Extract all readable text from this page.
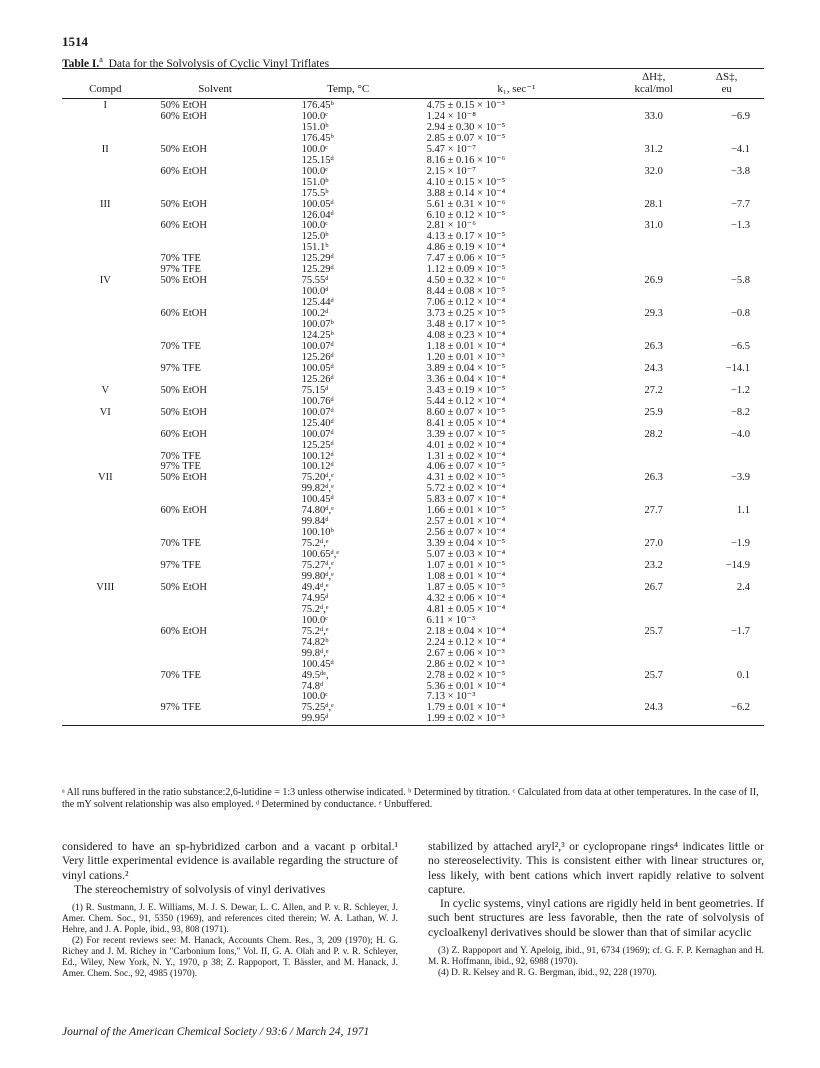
1514
Table I.$^a$ Data for the Solvolysis of Cyclic Vinyl Triflates
				ΔH‡,	ΔS‡,
Compd	Solvent	Temp, °C	k₁, sec⁻¹	kcal/mol	eu
I	50% EtOH	176.45ᵇ	4.75 ± 0.15 × 10⁻³		
	60% EtOH	100.0ᶜ	1.24 × 10⁻⁸	33.0	−6.9
		151.0ᵇ	2.94 ± 0.30 × 10⁻⁵		
		176.45ᵇ	2.85 ± 0.07 × 10⁻⁵		
II	50% EtOH	100.0ᶜ	5.47 × 10⁻⁷	31.2	−4.1
		125.15ᵈ	8.16 ± 0.16 × 10⁻⁶		
	60% EtOH	100.0ᶜ	2.15 × 10⁻⁷	32.0	−3.8
		151.0ᵇ	4.10 ± 0.15 × 10⁻⁵		
		175.5ᵇ	3.88 ± 0.14 × 10⁻⁴		
III	50% EtOH	100.05ᵈ	5.61 ± 0.31 × 10⁻⁶	28.1	−7.7
		126.04ᵈ	6.10 ± 0.12 × 10⁻⁵		
	60% EtOH	100.0ᶜ	2.81 × 10⁻⁶	31.0	−1.3
		125.0ᵇ	4.13 ± 0.17 × 10⁻⁵		
		151.1ᵇ	4.86 ± 0.19 × 10⁻⁴		
	70% TFE	125.29ᵈ	7.47 ± 0.06 × 10⁻⁵		
	97% TFE	125.29ᵈ	1.12 ± 0.09 × 10⁻⁵		
IV	50% EtOH	75.55ᵈ	4.50 ± 0.32 × 10⁻⁶	26.9	−5.8
		100.0ᵈ	8.44 ± 0.08 × 10⁻⁵		
		125.44ᵈ	7.06 ± 0.12 × 10⁻⁴		
	60% EtOH	100.2ᵈ	3.73 ± 0.25 × 10⁻⁵	29.3	−0.8
		100.07ᵇ	3.48 ± 0.17 × 10⁻⁵		
		124.25ᵇ	4.08 ± 0.23 × 10⁻⁴		
	70% TFE	100.07ᵈ	1.18 ± 0.01 × 10⁻⁴	26.3	−6.5
		125.26ᵈ	1.20 ± 0.01 × 10⁻³		
	97% TFE	100.05ᵈ	3.89 ± 0.04 × 10⁻⁵	24.3	−14.1
		125.26ᵈ	3.36 ± 0.04 × 10⁻⁴		
V	50% EtOH	75.15ᵈ	3.43 ± 0.19 × 10⁻⁵	27.2	−1.2
		100.76ᵈ	5.44 ± 0.12 × 10⁻⁴		
VI	50% EtOH	100.07ᵈ	8.60 ± 0.07 × 10⁻⁵	25.9	−8.2
		125.40ᵈ	8.41 ± 0.05 × 10⁻⁴		
	60% EtOH	100.07ᵈ	3.39 ± 0.07 × 10⁻⁵	28.2	−4.0
		125.25ᵈ	4.01 ± 0.02 × 10⁻⁴		
	70% TFE	100.12ᵈ	1.31 ± 0.02 × 10⁻⁴		
	97% TFE	100.12ᵈ	4.06 ± 0.07 × 10⁻⁵		
VII	50% EtOH	75.20ᵈ,ᵉ	4.31 ± 0.02 × 10⁻⁵	26.3	−3.9
		99.82ᵈ,ᵉ	5.72 ± 0.02 × 10⁻⁴		
		100.45ᵈ	5.83 ± 0.07 × 10⁻⁴		
	60% EtOH	74.80ᵈ,ᵉ	1.66 ± 0.01 × 10⁻⁵	27.7	1.1
		99.84ᵈ	2.57 ± 0.01 × 10⁻⁴		
		100.10ᵇ	2.56 ± 0.07 × 10⁻⁴		
	70% TFE	75.2ᵈ,ᵉ	3.39 ± 0.04 × 10⁻⁵	27.0	−1.9
		100.65ᵈ,ᵉ	5.07 ± 0.03 × 10⁻⁴		
	97% TFE	75.27ᵈ,ᵉ	1.07 ± 0.01 × 10⁻⁵	23.2	−14.9
		99.80ᵈ,ᵉ	1.08 ± 0.01 × 10⁻⁴		
VIII	50% EtOH	49.4ᵈ,ᵉ	1.87 ± 0.05 × 10⁻⁵	26.7	2.4
		74.95ᵈ	4.32 ± 0.06 × 10⁻⁴		
		75.2ᵈ,ᵉ	4.81 ± 0.05 × 10⁻⁴		
		100.0ᶜ	6.11 × 10⁻³		
	60% EtOH	75.2ᵈ,ᵉ	2.18 ± 0.04 × 10⁻⁴	25.7	−1.7
		74.82ᵇ	2.24 ± 0.12 × 10⁻⁴		
		99.8ᵈ,ᵉ	2.67 ± 0.06 × 10⁻³		
		100.45ᵈ	2.86 ± 0.02 × 10⁻³		
	70% TFE	49.5ᵈᵉ,	2.78 ± 0.02 × 10⁻⁵	25.7	0.1
		74.8ᵈ	5.36 ± 0.01 × 10⁻⁴		
		100.0ᶜ	7.13 × 10⁻³		
	97% TFE	75.25ᵈ,ᵉ	1.79 ± 0.01 × 10⁻⁴	24.3	−6.2
		99.95ᵈ	1.99 ± 0.02 × 10⁻³		
ᵃ All runs buffered in the ratio substance:2,6-lutidine = 1:3 unless otherwise indicated. ᵇ Determined by titration. ᶜ Calculated from data at other temperatures. In the case of II, the mY solvent relationship was also employed. ᵈ Determined by conductance. ᵉ Unbuffered.

considered to have an sp-hybridized carbon and a vacant p orbital.¹ Very little experimental evidence is available regarding the structure of vinyl cations.²

The stereochemistry of solvolysis of vinyl derivatives

(1) R. Sustmann, J. E. Williams, M. J. S. Dewar, L. C. Allen, and P. v. R. Schleyer, J. Amer. Chem. Soc., 91, 5350 (1969), and references cited therein; W. A. Lathan, W. J. Hehre, and J. A. Pople, ibid., 93, 808 (1971).

(2) For recent reviews see: M. Hanack, Accounts Chem. Res., 3, 209 (1970); H. G. Richey and J. M. Richey in "Carbonium Ions," Vol. II, G. A. Olah and P. v. R. Schleyer, Ed., Wiley, New York, N. Y., 1970, p 38; Z. Rappoport, T. Bässler, and M. Hanack, J. Amer. Chem. Soc., 92, 4985 (1970).

stabilized by attached aryl²,³ or cyclopropane rings⁴ indicates little or no stereoselectivity. This is consistent either with linear structures or, less likely, with bent cations which invert rapidly relative to solvent capture.

In cyclic systems, vinyl cations are rigidly held in bent geometries. If such bent structures are less favorable, then the rate of solvolysis of cycloalkenyl derivatives should be slower than that of similar acyclic

(3) Z. Rappoport and Y. Apeloig, ibid., 91, 6734 (1969); cf. G. F. P. Kernaghan and H. M. R. Hoffmann, ibid., 92, 6988 (1970).

(4) D. R. Kelsey and R. G. Bergman, ibid., 92, 228 (1970).

Journal of the American Chemical Society / 93:6 / March 24, 1971
